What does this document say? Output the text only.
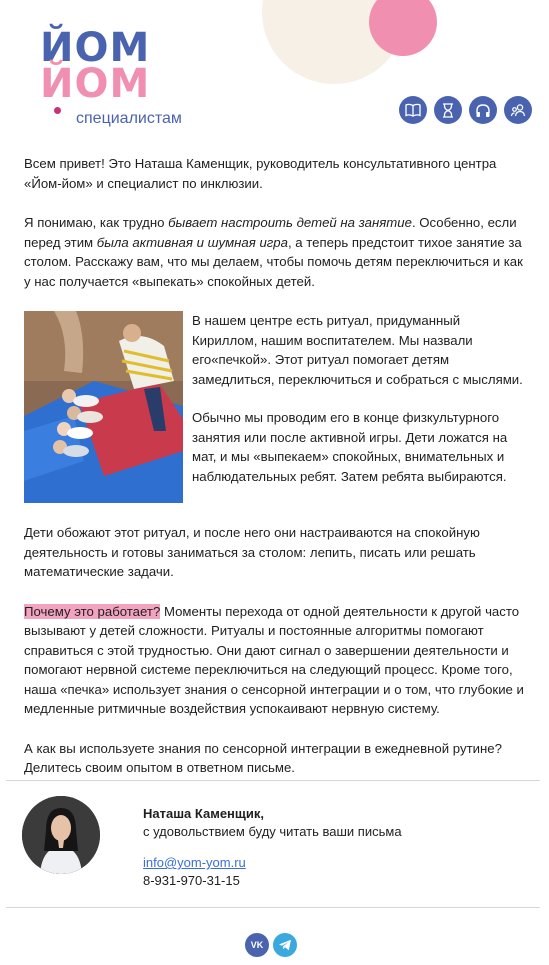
ЙОМ
ЙОМ
специалистам

Всем привет! Это Наташа Каменщик, руководитель консультативного центра «Йом-йом» и специалист по инклюзии.

Я понимаю, как трудно бывает настроить детей на занятие. Особенно, если перед этим была активная и шумная игра, а теперь предстоит тихое занятие за столом. Расскажу вам, что мы делаем, чтобы помочь детям переключиться и как у нас получается «выпекать» спокойных детей.

В нашем центре есть ритуал, придуманный Кириллом, нашим воспитателем. Мы назвали его«печкой». Этот ритуал помогает детям замедлиться, переключиться и собраться с мыслями.

Обычно мы проводим его в конце физкультурного занятия или после активной игры. Дети ложатся на мат, и мы «выпекаем» спокойных, внимательных и наблюдательных ребят. Затем ребята выбираются.

Дети обожают этот ритуал, и после него они настраиваются на спокойную деятельность и готовы заниматься за столом: лепить, писать или решать математические задачи.

Почему это работает? Моменты перехода от одной деятельности к другой часто вызывают у детей сложности. Ритуалы и постоянные алгоритмы помогают справиться с этой трудностью. Они дают сигнал о завершении деятельности и помогают нервной системе переключиться на следующий процесс. Кроме того, наша «печка» использует знания о сенсорной интеграции и о том, что глубокие и медленные ритмичные воздействия успокаивают нервную систему.

А как вы используете знания по сенсорной интеграции в ежедневной рутине? Делитесь своим опытом в ответном письме.

Наташа Каменщик,
с удовольствием буду читать ваши письма
info@yom-yom.ru
8-931-970-31-15
VK
